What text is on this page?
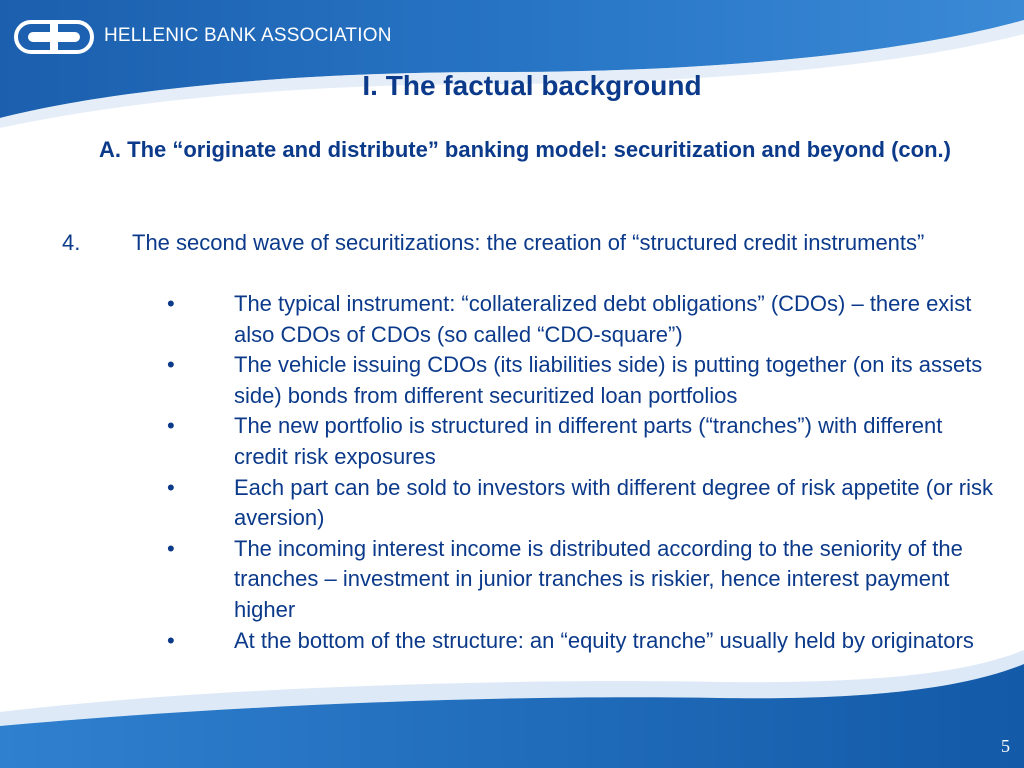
HELLENIC BANK ASSOCIATION
I. The factual background
A. The “originate and distribute” banking model: securitization and beyond (con.)
4. The second wave of securitizations: the creation of “structured credit instruments”
•	The typical instrument: “collateralized debt obligations” (CDOs) – there exist also CDOs of CDOs (so called “CDO-square”)
•	The vehicle issuing CDOs (its liabilities side) is putting together (on its assets side) bonds from different securitized loan portfolios
•	The new portfolio is structured in different parts (“tranches”) with different credit risk exposures
•	Each part can be sold to investors with different degree of risk appetite (or risk aversion)
•	The incoming interest income is distributed according to the seniority of the tranches – investment in junior tranches is riskier, hence interest payment higher
•	At the bottom of the structure: an “equity tranche” usually held by originators
5
